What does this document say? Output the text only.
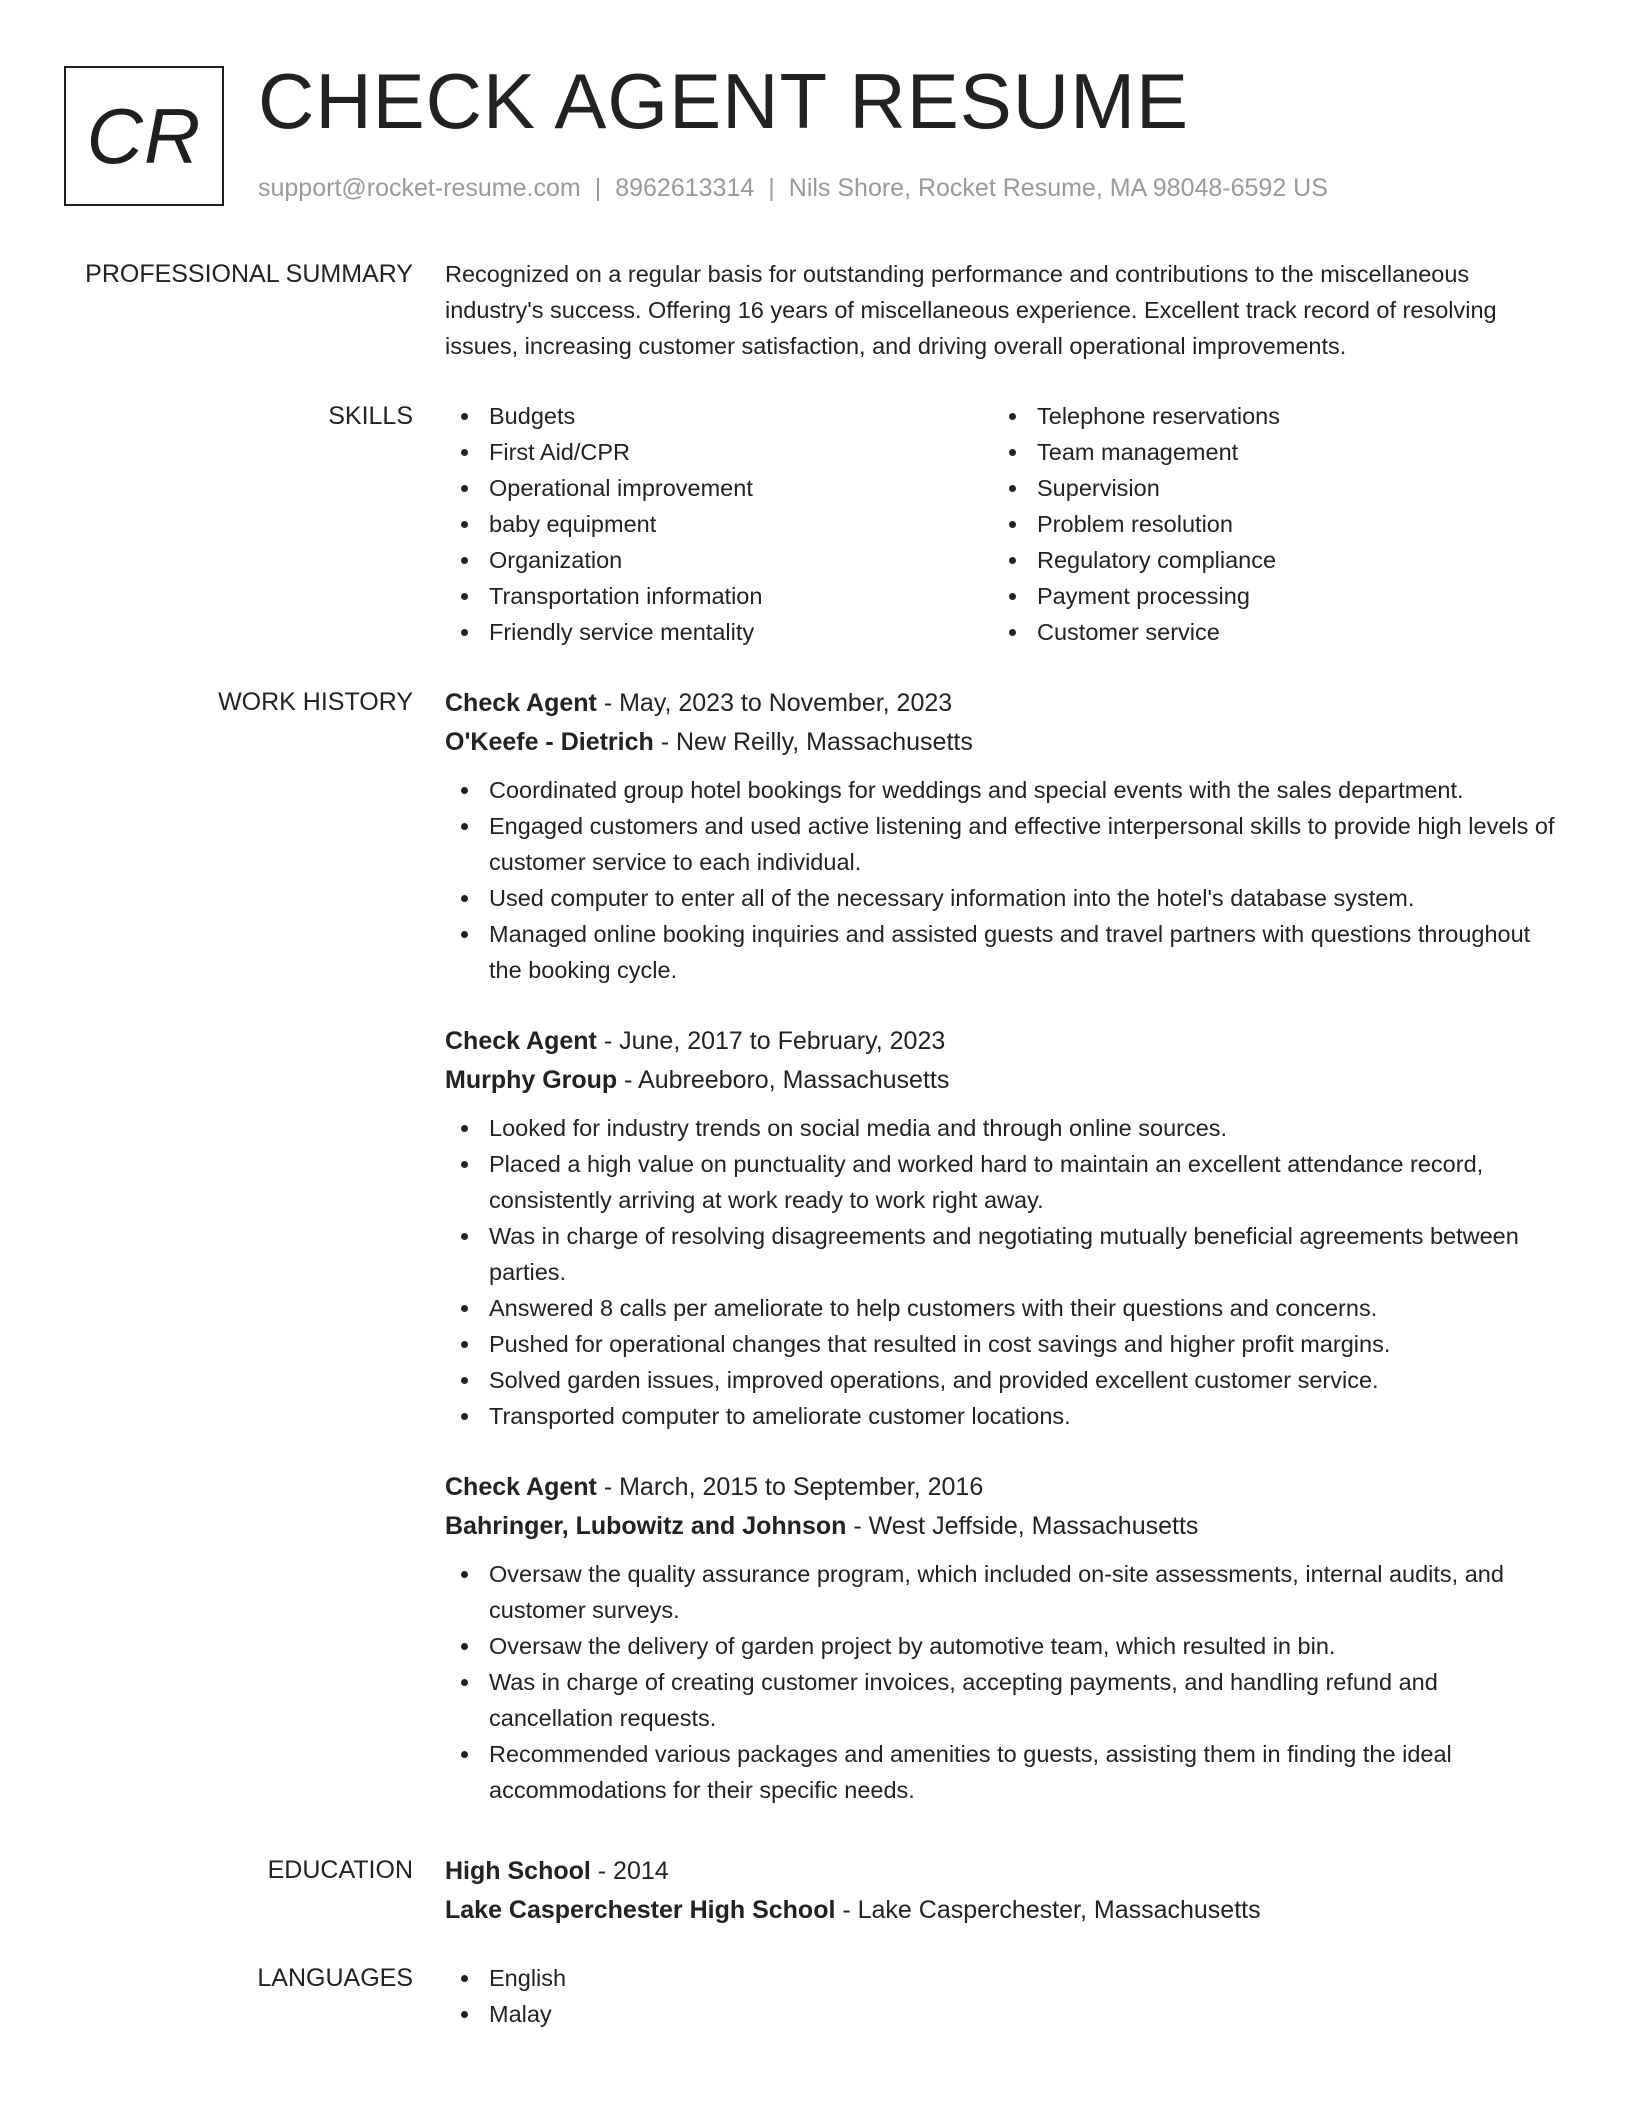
CR CHECK AGENT RESUME
support@rocket-resume.com | 8962613314 | Nils Shore, Rocket Resume, MA 98048-6592 US
PROFESSIONAL SUMMARY Recognized on a regular basis for outstanding performance and contributions to the miscellaneous industry's success. Offering 16 years of miscellaneous experience. Excellent track record of resolving issues, increasing customer satisfaction, and driving overall operational improvements.

SKILLS	Budgets
First Aid/CPR
Operational improvement
baby equipment
Organization
Transportation information
Friendly service mentality
Telephone reservations
Team management
Supervision
Problem resolution
Regulatory compliance
Payment processing
Customer service
WORK HISTORY Check Agent - May, 2023 to November, 2023

O'Keefe - Dietrich - New Reilly, Massachusetts

Coordinated group hotel bookings for weddings and special events with the sales department.
Engaged customers and used active listening and effective interpersonal skills to provide high levels of customer service to each individual.
Used computer to enter all of the necessary information into the hotel's database system.
Managed online booking inquiries and assisted guests and travel partners with questions throughout the booking cycle.

Check Agent - June, 2017 to February, 2023

Murphy Group - Aubreeboro, Massachusetts

Looked for industry trends on social media and through online sources.
Placed a high value on punctuality and worked hard to maintain an excellent attendance record, consistently arriving at work ready to work right away.
Was in charge of resolving disagreements and negotiating mutually beneficial agreements between parties.
Answered 8 calls per ameliorate to help customers with their questions and concerns.
Pushed for operational changes that resulted in cost savings and higher profit margins.
Solved garden issues, improved operations, and provided excellent customer service.
Transported computer to ameliorate customer locations.

Check Agent - March, 2015 to September, 2016

Bahringer, Lubowitz and Johnson - West Jeffside, Massachusetts

Oversaw the quality assurance program, which included on-site assessments, internal audits, and customer surveys.
Oversaw the delivery of garden project by automotive team, which resulted in bin.
Was in charge of creating customer invoices, accepting payments, and handling refund and cancellation requests.
Recommended various packages and amenities to guests, assisting them in finding the ideal accommodations for their specific needs.
EDUCATION High School - 2014

Lake Casperchester High School - Lake Casperchester, Massachusetts

LANGUAGES	English
Malay
